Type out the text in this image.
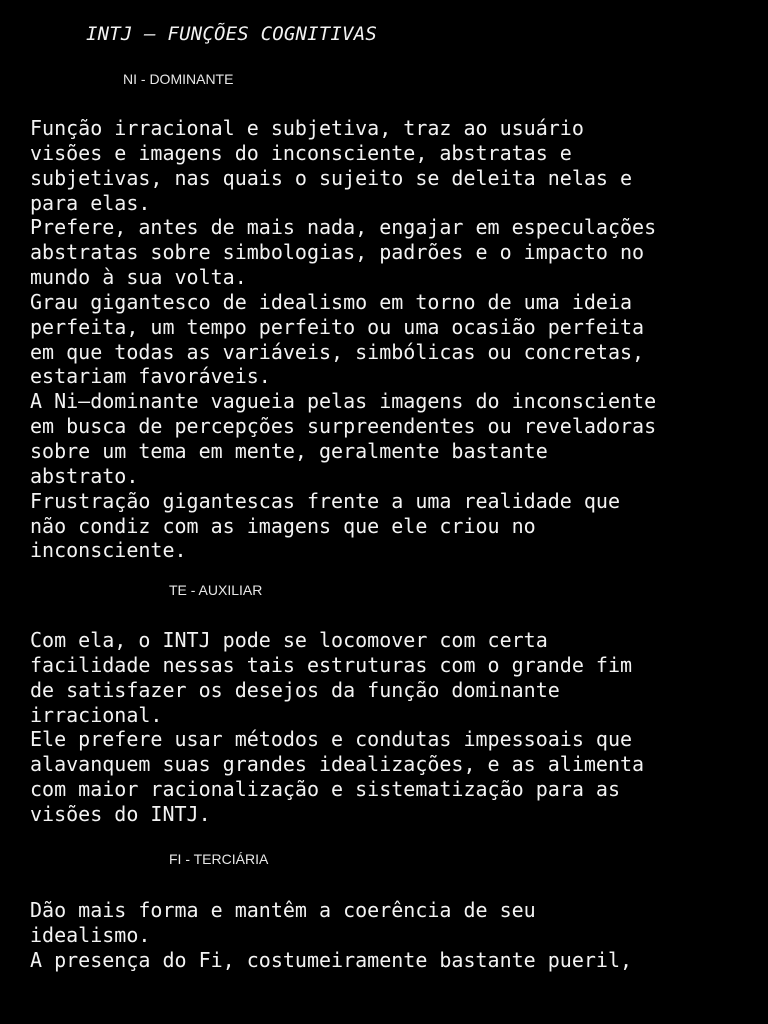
INTJ – FUNÇÕES COGNITIVAS
NI - DOMINANTE
Função irracional e subjetiva, traz ao usuário
visões e imagens do inconsciente, abstratas e
subjetivas, nas quais o sujeito se deleita nelas e
para elas.
Prefere, antes de mais nada, engajar em especulações
abstratas sobre simbologias, padrões e o impacto no
mundo à sua volta.
Grau gigantesco de idealismo em torno de uma ideia
perfeita, um tempo perfeito ou uma ocasião perfeita
em que todas as variáveis, simbólicas ou concretas,
estariam favoráveis.
A Ni–dominante vagueia pelas imagens do inconsciente
em busca de percepções surpreendentes ou reveladoras
sobre um tema em mente, geralmente bastante
abstrato.
Frustração gigantescas frente a uma realidade que
não condiz com as imagens que ele criou no
inconsciente.
TE - AUXILIAR
Com ela, o INTJ pode se locomover com certa
facilidade nessas tais estruturas com o grande fim
de satisfazer os desejos da função dominante
irracional.
Ele prefere usar métodos e condutas impessoais que
alavanquem suas grandes idealizações, e as alimenta
com maior racionalização e sistematização para as
visões do INTJ.
FI - TERCIÁRIA
Dão mais forma e mantêm a coerência de seu
idealismo.
A presença do Fi, costumeiramente bastante pueril,
